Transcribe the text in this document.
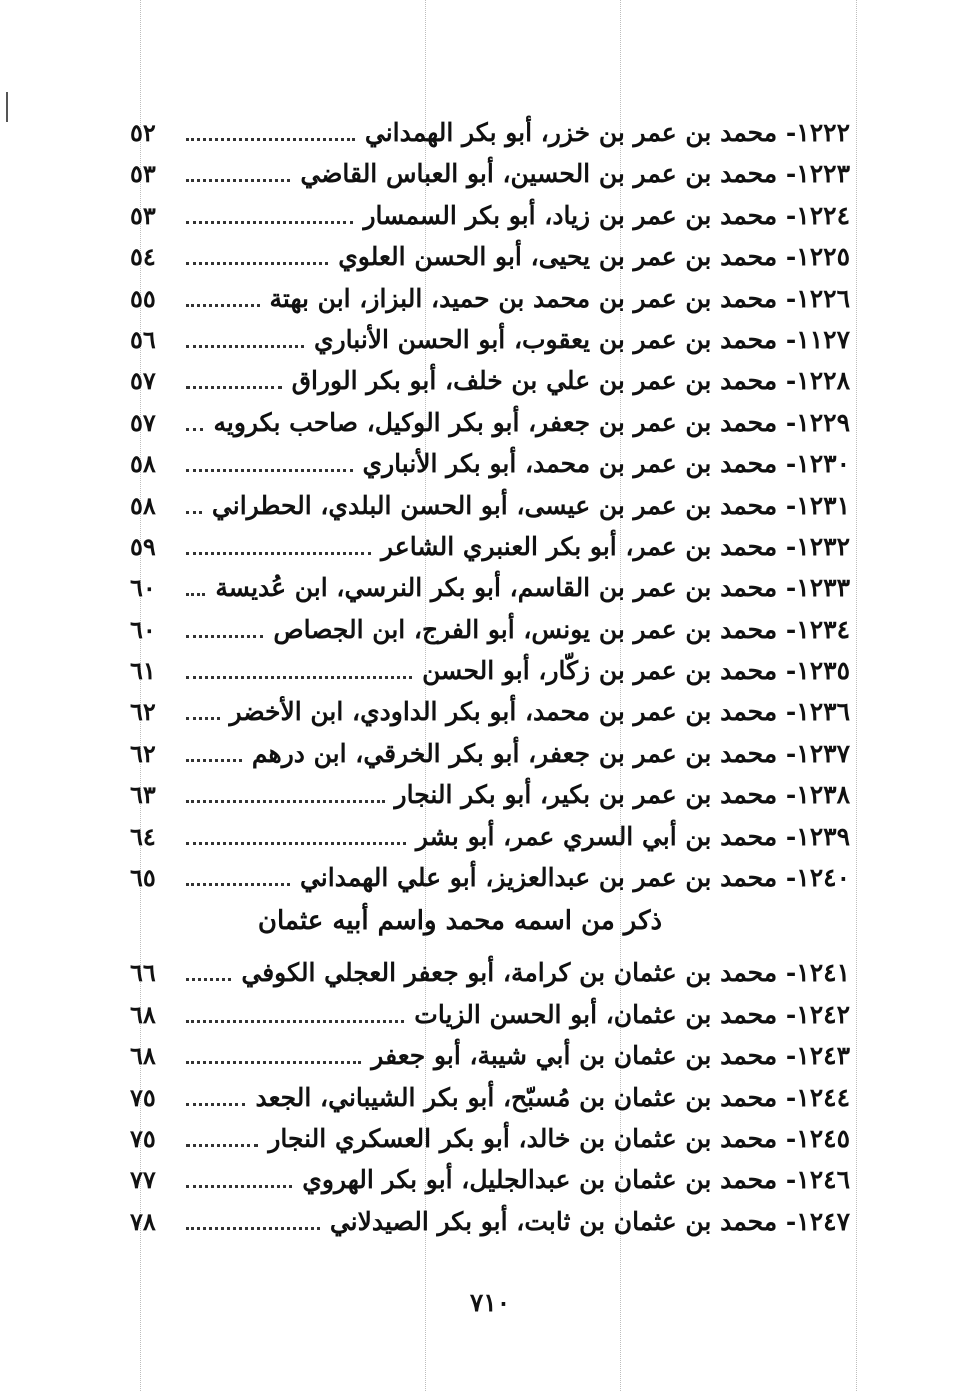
١٢٢٢- محمد بن عمر بن خزر، أبو بكر الهمداني
٥٢
١٢٢٣- محمد بن عمر بن الحسين، أبو العباس القاضي
٥٣
١٢٢٤- محمد بن عمر بن زياد، أبو بكر السمسار
٥٣
١٢٢٥- محمد بن عمر بن يحيى، أبو الحسن العلوي
٥٤
١٢٢٦- محمد بن عمر بن محمد بن حميد، البزاز، ابن بهتة
٥٥
١١٢٧- محمد بن عمر بن يعقوب، أبو الحسن الأنباري
٥٦
١٢٢٨- محمد بن عمر بن علي بن خلف، أبو بكر الوراق
٥٧
١٢٢٩- محمد بن عمر بن جعفر، أبو بكر الوكيل، صاحب بكرويه
٥٧
١٢٣٠- محمد بن عمر بن محمد، أبو بكر الأنباري
٥٨
١٢٣١- محمد بن عمر بن عيسى، أبو الحسن البلدي، الحطراني
٥٨
١٢٣٢- محمد بن عمر، أبو بكر العنبري الشاعر
٥٩
١٢٣٣- محمد بن عمر بن القاسم، أبو بكر النرسي، ابن عُديسة
٦٠
١٢٣٤- محمد بن عمر بن يونس، أبو الفرج، ابن الجصاص
٦٠
١٢٣٥- محمد بن عمر بن زكّار، أبو الحسن
٦١
١٢٣٦- محمد بن عمر بن محمد، أبو بكر الداودي، ابن الأخضر
٦٢
١٢٣٧- محمد بن عمر بن جعفر، أبو بكر الخرقي، ابن درهم
٦٢
١٢٣٨- محمد بن عمر بن بكير، أبو بكر النجار
٦٣
١٢٣٩- محمد بن أبي السري عمر، أبو بشر
٦٤
١٢٤٠- محمد بن عمر بن عبدالعزيز، أبو علي الهمداني
٦٥
ذكر من اسمه محمد واسم أبيه عثمان
١٢٤١- محمد بن عثمان بن كرامة، أبو جعفر العجلي الكوفي
٦٦
١٢٤٢- محمد بن عثمان، أبو الحسن الزيات
٦٨
١٢٤٣- محمد بن عثمان بن أبي شيبة، أبو جعفر
٦٨
١٢٤٤- محمد بن عثمان بن مُسبّح، أبو بكر الشيباني، الجعد
٧٥
١٢٤٥- محمد بن عثمان بن خالد، أبو بكر العسكري النجار
٧٥
١٢٤٦- محمد بن عثمان بن عبدالجليل، أبو بكر الهروي
٧٧
١٢٤٧- محمد بن عثمان بن ثابت، أبو بكر الصيدلاني
٧٨
٧١٠
